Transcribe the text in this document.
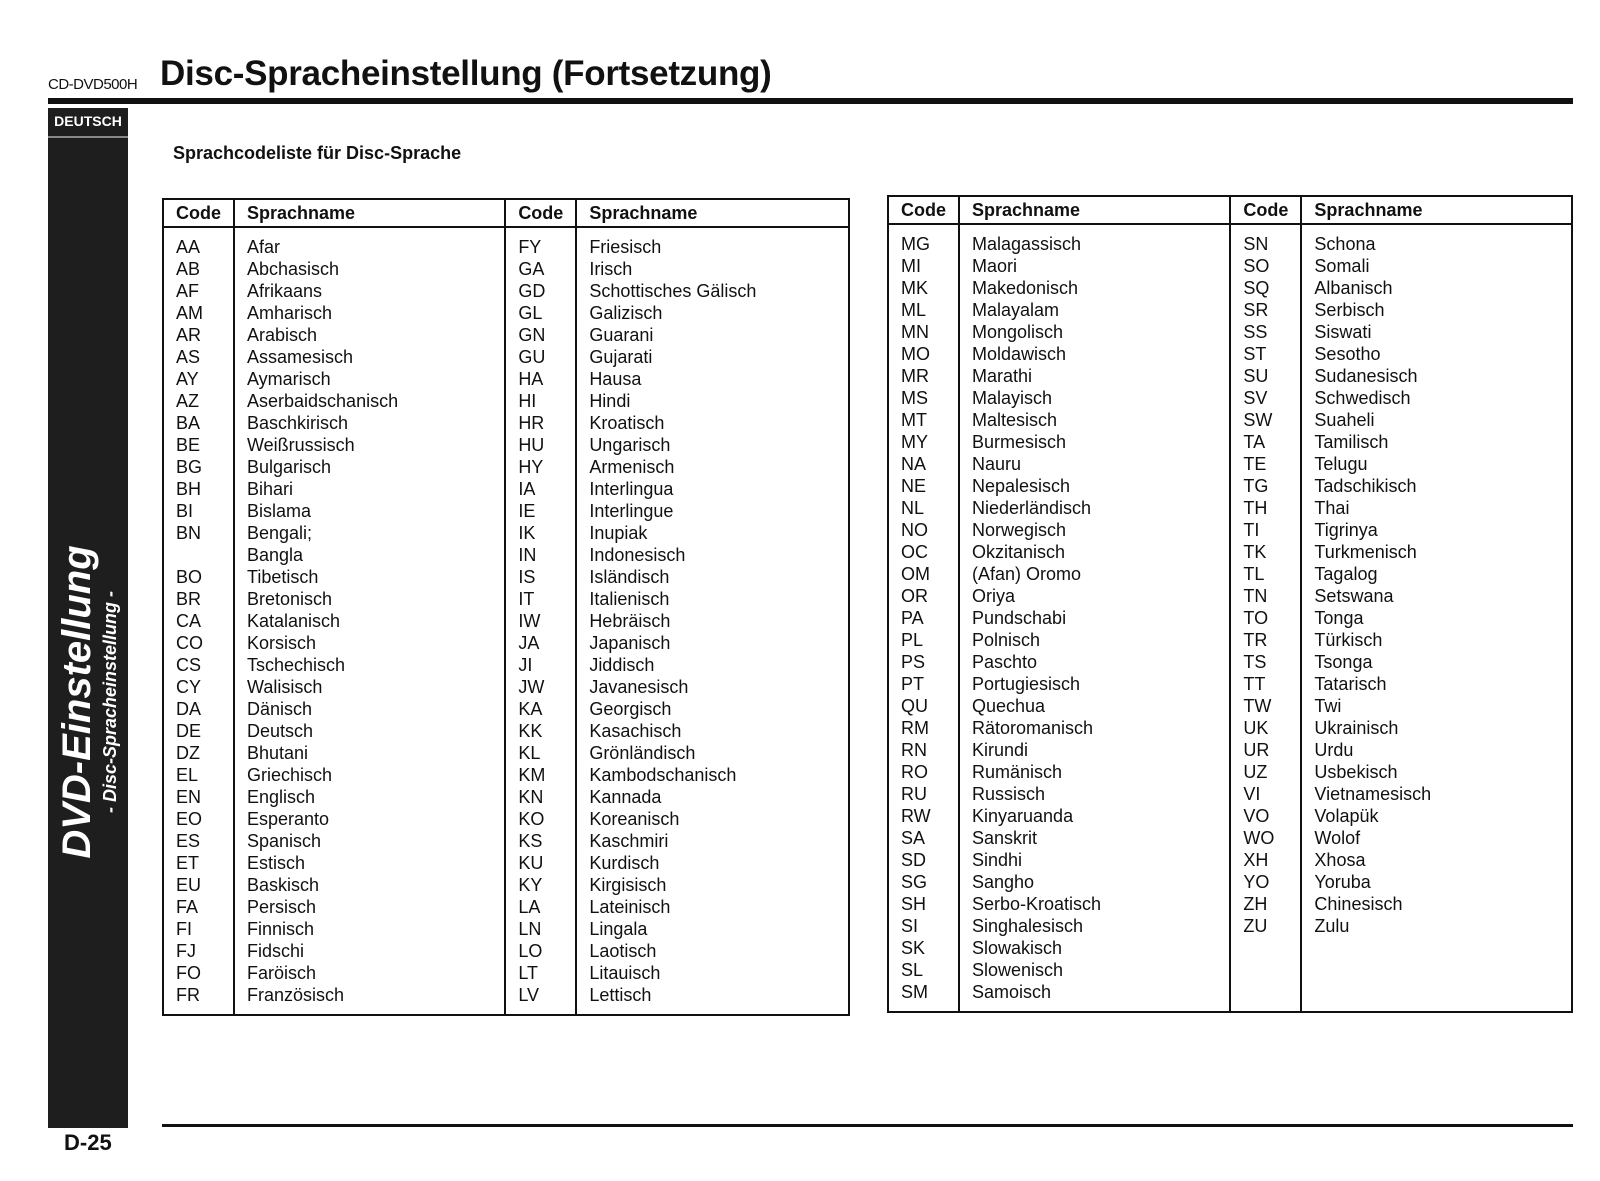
CD-DVD500H Disc-Spracheinstellung (Fortsetzung)
DEUTSCH
DVD-Einstellung - Disc-Spracheinstellung -
Sprachcodeliste für Disc-Sprache
Code	Sprachname	Code	Sprachname
AA	Afar	FY	Friesisch
AB	Abchasisch	GA	Irisch
AF	Afrikaans	GD	Schottisches Gälisch
AM	Amharisch	GL	Galizisch
AR	Arabisch	GN	Guarani
AS	Assamesisch	GU	Gujarati
AY	Aymarisch	HA	Hausa
AZ	Aserbaidschanisch	HI	Hindi
BA	Baschkirisch	HR	Kroatisch
BE	Weißrussisch	HU	Ungarisch
BG	Bulgarisch	HY	Armenisch
BH	Bihari	IA	Interlingua
BI	Bislama	IE	Interlingue
BN	Bengali;	IK	Inupiak
	Bangla	IN	Indonesisch
BO	Tibetisch	IS	Isländisch
BR	Bretonisch	IT	Italienisch
CA	Katalanisch	IW	Hebräisch
CO	Korsisch	JA	Japanisch
CS	Tschechisch	JI	Jiddisch
CY	Walisisch	JW	Javanesisch
DA	Dänisch	KA	Georgisch
DE	Deutsch	KK	Kasachisch
DZ	Bhutani	KL	Grönländisch
EL	Griechisch	KM	Kambodschanisch
EN	Englisch	KN	Kannada
EO	Esperanto	KO	Koreanisch
ES	Spanisch	KS	Kaschmiri
ET	Estisch	KU	Kurdisch
EU	Baskisch	KY	Kirgisisch
FA	Persisch	LA	Lateinisch
FI	Finnisch	LN	Lingala
FJ	Fidschi	LO	Laotisch
FO	Faröisch	LT	Litauisch
FR	Französisch	LV	Lettisch
Code	Sprachname	Code	Sprachname
MG	Malagassisch	SN	Schona
MI	Maori	SO	Somali
MK	Makedonisch	SQ	Albanisch
ML	Malayalam	SR	Serbisch
MN	Mongolisch	SS	Siswati
MO	Moldawisch	ST	Sesotho
MR	Marathi	SU	Sudanesisch
MS	Malayisch	SV	Schwedisch
MT	Maltesisch	SW	Suaheli
MY	Burmesisch	TA	Tamilisch
NA	Nauru	TE	Telugu
NE	Nepalesisch	TG	Tadschikisch
NL	Niederländisch	TH	Thai
NO	Norwegisch	TI	Tigrinya
OC	Okzitanisch	TK	Turkmenisch
OM	(Afan) Oromo	TL	Tagalog
OR	Oriya	TN	Setswana
PA	Pundschabi	TO	Tonga
PL	Polnisch	TR	Türkisch
PS	Paschto	TS	Tsonga
PT	Portugiesisch	TT	Tatarisch
QU	Quechua	TW	Twi
RM	Rätoromanisch	UK	Ukrainisch
RN	Kirundi	UR	Urdu
RO	Rumänisch	UZ	Usbekisch
RU	Russisch	VI	Vietnamesisch
RW	Kinyaruanda	VO	Volapük
SA	Sanskrit	WO	Wolof
SD	Sindhi	XH	Xhosa
SG	Sangho	YO	Yoruba
SH	Serbo-Kroatisch	ZH	Chinesisch
SI	Singhalesisch	ZU	Zulu
SK	Slowakisch		
SL	Slowenisch		
SM	Samoisch		
D-25
